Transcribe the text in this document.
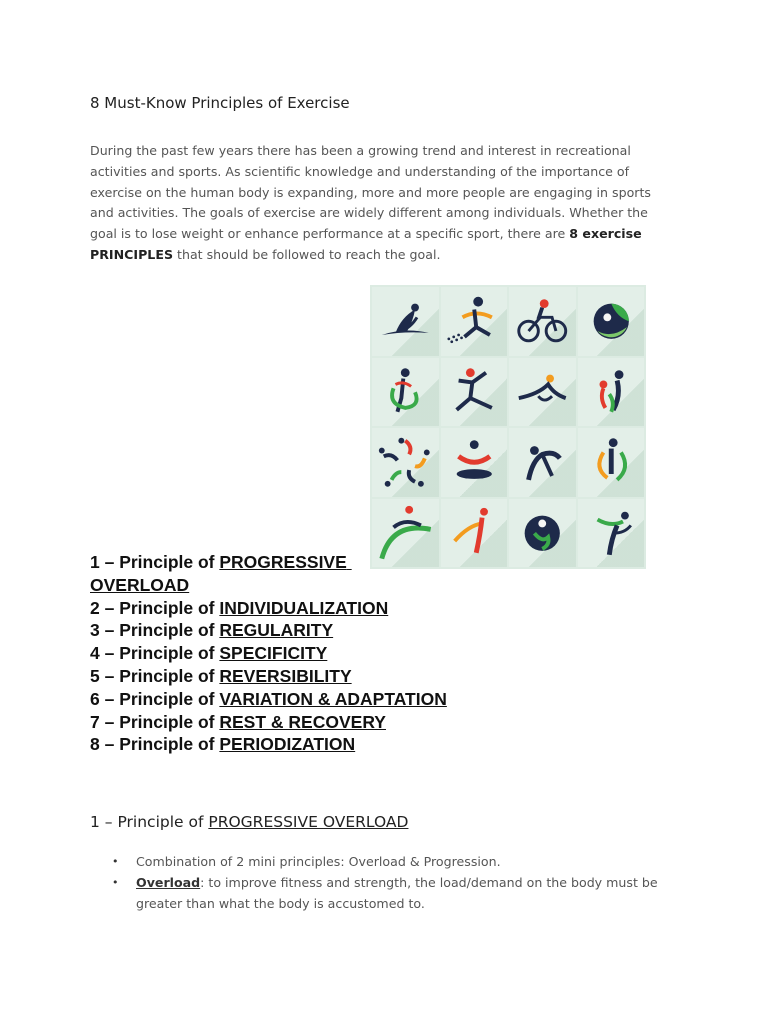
8 Must-Know Principles of Exercise
During the past few years there has been a growing trend and interest in recreational activities and sports. As scientific knowledge and understanding of the importance of exercise on the human body is expanding, more and more people are engaging in sports and activities. The goals of exercise are widely different among individuals. Whether the goal is to lose weight or enhance performance at a specific sport, there are 8 exercise PRINCIPLES that should be followed to reach the goal.
1 – Principle of PROGRESSIVE
OVERLOAD
2 – Principle of INDIVIDUALIZATION
3 – Principle of REGULARITY
4 – Principle of SPECIFICITY
5 – Principle of REVERSIBILITY
6 – Principle of VARIATION & ADAPTATION
7 – Principle of REST & RECOVERY
8 – Principle of PERIODIZATION
1 – Principle of PROGRESSIVE OVERLOAD
• Combination of 2 mini principles: Overload & Progression.
• Overload: to improve fitness and strength, the load/demand on the body must be greater than what the body is accustomed to.
